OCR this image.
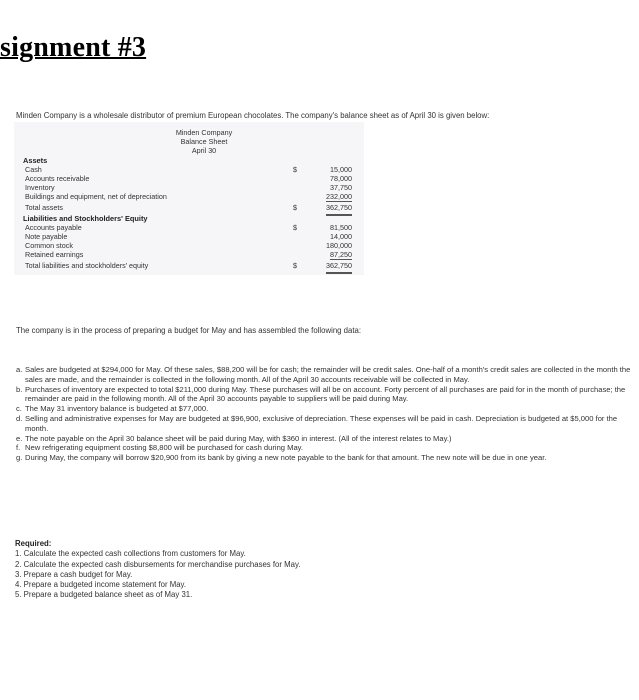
signment #3
Minden Company is a wholesale distributor of premium European chocolates. The company's balance sheet as of April 30 is given below:
Minden Company
Balance Sheet
April 30
Assets
Cash	$	15,000
Accounts receivable	78,000
Inventory	37,750
Buildings and equipment, net of depreciation	232,000
Total assets	$	362,750
Liabilities and Stockholders' Equity
Accounts payable	$	81,500
Note payable	14,000
Common stock	180,000
Retained earnings	87,250
Total liabilities and stockholders' equity	$	362,750
The company is in the process of preparing a budget for May and has assembled the following data:
a. Sales are budgeted at $294,000 for May. Of these sales, $88,200 will be for cash; the remainder will be credit sales. One-half of a month's credit sales are collected in the month the sales are made, and the remainder is collected in the following month. All of the April 30 accounts receivable will be collected in May.
b. Purchases of inventory are expected to total $211,000 during May. These purchases will all be on account. Forty percent of all purchases are paid for in the month of purchase; the remainder are paid in the following month. All of the April 30 accounts payable to suppliers will be paid during May.
c. The May 31 inventory balance is budgeted at $77,000.
d. Selling and administrative expenses for May are budgeted at $96,900, exclusive of depreciation. These expenses will be paid in cash. Depreciation is budgeted at $5,000 for the month.
e. The note payable on the April 30 balance sheet will be paid during May, with $360 in interest. (All of the interest relates to May.)
f. New refrigerating equipment costing $8,800 will be purchased for cash during May.
g. During May, the company will borrow $20,900 from its bank by giving a new note payable to the bank for that amount. The new note will be due in one year.
Required:
1. Calculate the expected cash collections from customers for May.
2. Calculate the expected cash disbursements for merchandise purchases for May.
3. Prepare a cash budget for May.
4. Prepare a budgeted income statement for May.
5. Prepare a budgeted balance sheet as of May 31.
